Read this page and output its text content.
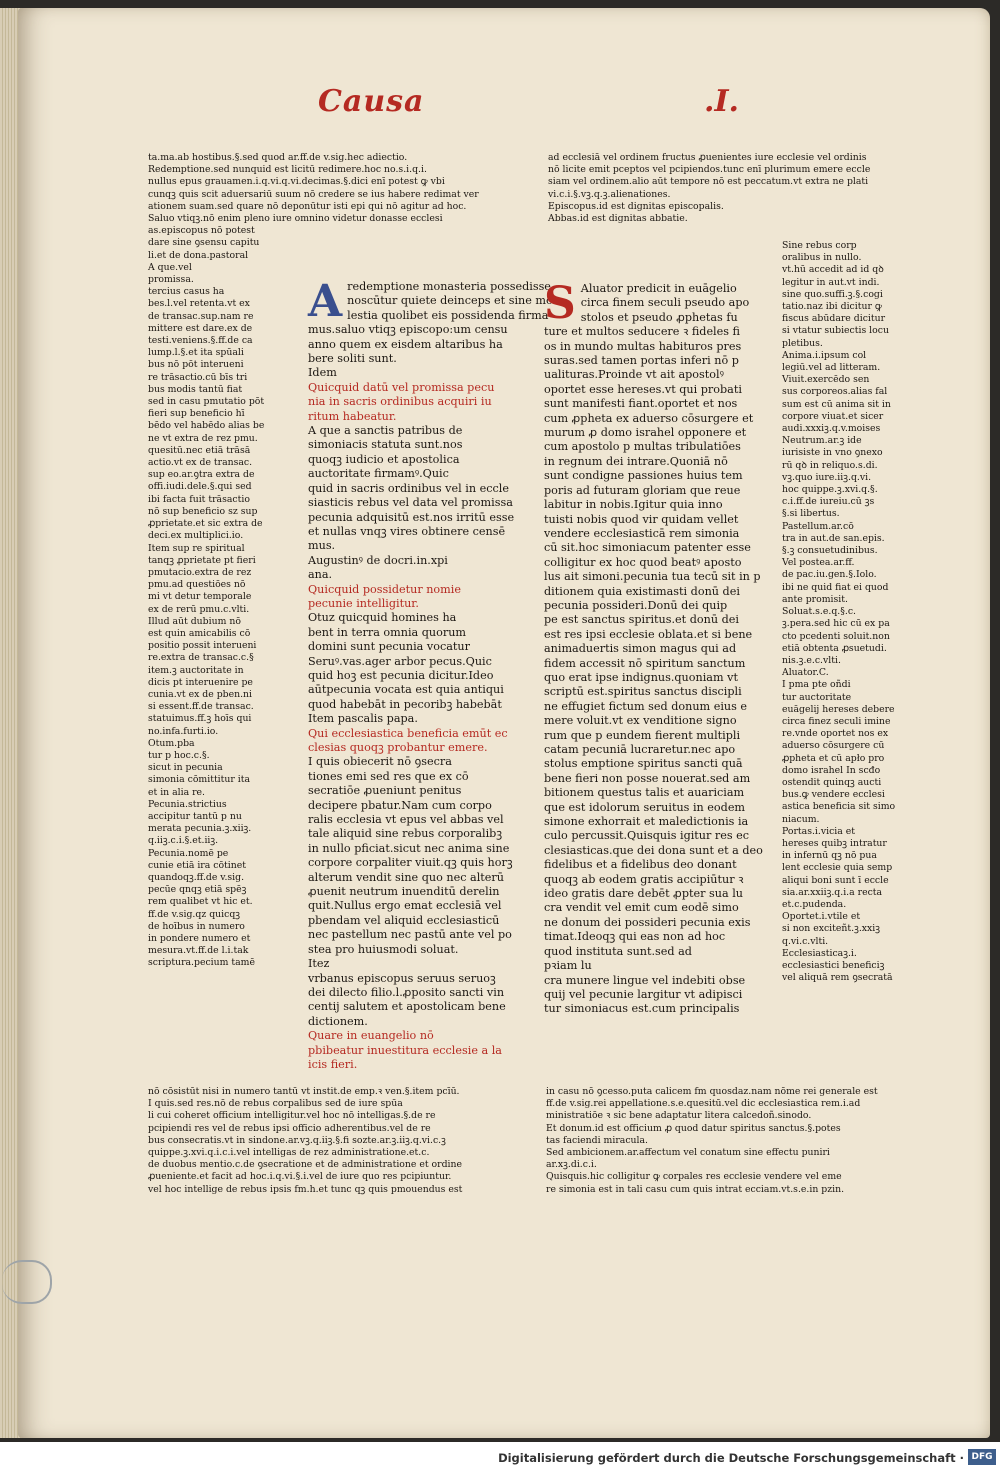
Causa	.I.
ta.ma.ab hostibus.§.sed quod ar.ff.de v.sig.hec adiectio.
Redemptione.sed nunquid est licitū redimere.hoc no.s.i.q.i.
nullus epus grauamen.i.q.vi.q.vi.decimas.§.dici enī potest ꝙ vbi
cunqꝫ quis scit aduersariū suum nō credere se ius habere redimat ver
ationem suam.sed quare nō deponūtur isti epi qui nō agitur ad hoc.
Saluo vtiqꝫ.nō enim pleno iure omnino videtur donasse ecclesi
as.episcopus nō potest
dare sine ꝯsensu capitu
li.et de dona.pastoral
A que.vel
promissa.
tercius casus ha
bes.l.vel retenta.vt ex
de transac.sup.nam re
mittere est dare.ex de
testi.veniens.§.ff.de ca
lump.l.§.et ita spūali
bus nō pōt interueni
re trāsactio.cū bīs tri
bus modis tantū fiat
sed in casu pmutatio pōt
fieri sup beneficio hī
bēdo vel habēdo alias be
ne vt extra de rez pmu.
quesitū.nec etiā trāsā
actio.vt ex de transac.
sup eo.ar.ꝯtra extra de
offi.iudi.dele.§.qui sed
ibi facta fuit trāsactio
nō sup beneficio sz sup
ꝓprietate.et sic extra de
deci.ex multiplici.io.
Item sup re spiritual
tanqꝫ ꝓprietate pt fieri
pmutacio.extra de rez
pmu.ad questiōes nō
mi vt detur temporale
ex de rerū pmu.c.vlti.
Illud aūt dubium nō
est quin amicabilis cō
positio possit interueni
re.extra de transac.c.§
item.ꝫ auctoritate in
dicis pt interuenire pe
cunia.vt ex de pben.ni
si essent.ff.de transac.
statuimus.ff.ꝫ hoīs qui
no.infa.furti.io.
Otum.pba
tur p hoc.c.§.
sicut in pecunia
simonia cōmittitur ita
et in alia re.
Pecunia.strictius
accipitur tantū p nu
merata pecunia.ꝫ.xiiꝫ.
q.iiꝫ.c.i.§.et.iiꝫ.
Pecunia.nomē pe
cunie etiā ira cōtinet
quandoqꝫ.ff.de v.sig.
pecūe qnqꝫ etiā spēꝫ
rem qualibet vt hic et.
ff.de v.sig.qz quicqꝫ
de hoībus in numero
in pondere numero et
mesura.vt.ff.de l.i.tak
scriptura.pecium tamē
A redemptione monasteria possedisse
noscūtur quiete deinceps et sine mo
lestia quolibet eis possidenda firma
mus.saluo vtiqꝫ episcopo:um censu
anno quem ex eisdem altaribus ha
bere soliti sunt.
Idem
Quicquid datū vel promissa pecu
nia in sacris ordinibus acquiri iu
ritum habeatur.
A que a sanctis patribus de
simoniacis statuta sunt.nos
quoqꝫ iudicio et apostolica
auctoritate firmamꝰ.Quic
quid in sacris ordinibus vel in eccle
siasticis rebus vel data vel promissa
pecunia adquisitū est.nos irritū esse
et nullas vnqꝫ vires obtinere censē
mus.
Augustinꝰ de docri.in.xpi
ana.
Quicquid possidetur nomie
pecunie intelligitur.
Otuz quicquid homines ha
bent in terra omnia quorum
domini sunt pecunia vocatur
Seruꝰ.vas.ager arbor pecus.Quic
quid hoꝫ est pecunia dicitur.Ideo
aūtpecunia vocata est quia antiqui
quod habebāt in pecoribꝫ habebāt
Item pascalis papa.
Qui ecclesiastica beneficia emūt ec
clesias quoqꝫ probantur emere.
I quis obiecerit nō ꝯsecra
tiones emi sed res que ex cō
secratiōe ꝓueniunt penitus
decipere pbatur.Nam cum corpo
ralis ecclesia vt epus vel abbas vel
tale aliquid sine rebus corporalibꝫ
in nullo pficiat.sicut nec anima sine
corpore corpaliter viuit.qꝫ quis horꝫ
alterum vendit sine quo nec alterū
ꝓuenit neutrum inuenditū derelin
quit.Nullus ergo emat ecclesiā vel
pbendam vel aliquid ecclesiasticū
nec pastellum nec pastū ante vel po
stea pro huiusmodi soluat.
Itez
vrbanus episcopus seruus seruoꝫ
dei dilecto filio.l.ꝓposito sancti vin
centij salutem et apostolicam bene
dictionem.
Quare in euangelio nō
pbibeatur inuestitura ecclesie a la
icis fieri.
nō cōsistūt nisi in numero tantū vt instit.de emp.ꝛ ven.§.item pcīū.
I quis.sed res.nō de rebus corpalibus sed de iure spūa
li cui coheret officium intelligitur.vel hoc nō intelligas.§.de re
pcipiendi res vel de rebus ipsi officio adherentibus.vel de re
bus consecratis.vt in sindone.ar.vꝫ.q.iiꝫ.§.fi sozte.ar.ꝫ.iiꝫ.q.vi.c.ꝫ
quippe.ꝫ.xvi.q.i.c.i.vel intelligas de rez administratione.et.c.
de duobus mentio.c.de ꝯsecratione et de administratione et ordine
ꝓueniente.et facit ad hoc.i.q.vi.§.i.vel de iure quo res pcipiuntur.
vel hoc intellige de rebus ipsis fm.h.et tunc qꝫ quis pmouendus est
ad ecclesiā vel ordinem fructus ꝓuenientes iure ecclesie vel ordinis
nō licite emit pceptos vel pcipiendos.tunc enī plurimum emere eccle
siam vel ordinem.alio aūt tempore nō est peccatum.vt extra ne plati
vi.c.i.§.vꝫ.q.ꝫ.alienationes.
Episcopus.id est dignitas episcopalis.
Abbas.id est dignitas abbatie.
S Aluator predicit in euāgelio
circa finem seculi pseudo apo
stolos et pseudo ꝓphetas fu
ture et multos seducere ꝛ fideles fi
os in mundo multas habituros pres
suras.sed tamen portas inferi nō p
ualituras.Proinde vt ait apostolꝰ
oportet esse hereses.vt qui probati
sunt manifesti fiant.oportet et nos
cum ꝓpheta ex aduerso cōsurgere et
murum ꝓ domo israhel opponere et
cum apostolo p multas tribulatiōes
in regnum dei intrare.Quoniā nō
sunt condigne passiones huius tem
poris ad futuram gloriam que reue
labitur in nobis.Igitur quia inno
tuisti nobis quod vir quidam vellet
vendere ecclesiasticā rem simonia
cū sit.hoc simoniacum patenter esse
colligitur ex hoc quod beatꝰ aposto
lus ait simoni.pecunia tua tecū sit in p
ditionem quia existimasti donū dei
pecunia possideri.Donū dei quip
pe est sanctus spiritus.et donū dei
est res ipsi ecclesie oblata.et si bene
animaduertis simon magus qui ad
fidem accessit nō spiritum sanctum
quo erat ipse indignus.quoniam vt
scriptū est.spiritus sanctus discipli
ne effugiet fictum sed donum eius e
mere voluit.vt ex venditione signo
rum que p eundem fierent multipli
catam pecuniā lucraretur.nec apo
stolus emptione spiritus sancti quā
bene fieri non posse nouerat.sed am
bitionem questus talis et auariciam
que est idolorum seruitus in eodem
simone exhorrait et maledictionis ia
culo percussit.Quisquis igitur res ec
clesiasticas.que dei dona sunt et a deo
fidelibus et a fidelibus deo donant
quoqꝫ ab eodem gratis accipiūtur ꝛ
ideo gratis dare debēt ꝓpter sua lu
cra vendit vel emit cum eodē simo
ne donum dei possideri pecunia exis
timat.Ideoqꝫ qui eas non ad hoc
quod instituta sunt.sed ad
pꝛiam lu
cra munere lingue vel indebiti obse
quij vel pecunie largitur vt adipisci
tur simoniacus est.cum principalis
Sine rebus corp
oralibus in nullo.
vt.hū accedit ad id qꝺ
legitur in aut.vt indi.
sine quo.suffi.ꝫ.§.cogi
tatio.naz ibi dicitur ꝙ
fiscus abūdare dicitur
si vtatur subiectis locu
pletibus.
Anima.i.ipsum col
legiū.vel ad litteram.
Viuit.exercēdo sen
sus corporeos.alias fal
sum est cū anima sit in
corpore viuat.et sicer
audi.xxxiꝫ.q.v.moises
Neutrum.ar.ꝫ ide
iurisiste in vno ꝯnexo
rū qꝺ in reliquo.s.di.
vꝫ.quo iure.iiꝫ.q.vi.
hoc quippe.ꝫ.xvi.q.§.
c.i.ff.de iureiu.cū ꝫs
§.si libertus.
Pastellum.ar.cō
tra in aut.de san.epis.
§.ꝫ consuetudinibus.
Vel postea.ar.ff.
de pac.iu.gen.§.Iolo.
ibi ne quid fiat ei quod
ante promisit.
Soluat.s.e.q.§.c.
ꝫ.pera.sed hic cū ex pa
cto pcedenti soluit.non
etiā obtenta ꝓsuetudi.
nis.ꝫ.e.c.vlti.
Aluator.C.
I pma pte oñdi
tur auctoritate
euāgelij hereses debere
circa finez seculi imine
re.vnde oportet nos ex
aduerso cōsurgere cū
ꝓpheta et cū apło pro
domo israhel In scđo
ostendit quinqꝫ aucti
bus.ꝙ vendere ecclesi
astica beneficia sit simo
niacum.
Portas.i.vicia et
hereses quibꝫ intratur
in infernū qꝫ nō pua
lent ecclesie quia semp
aliqui boni sunt ī eccle
sia.ar.xxiiꝫ.q.i.a recta
et.c.pudenda.
Oportet.i.vtile et
si non exciteñt.ꝫ.xxiꝫ
q.vi.c.vlti.
Ecclesiasticaꝫ.i.
ecclesiastici beneficiꝫ
vel aliquā rem ꝯsecratā
in casu nō ꝯcesso.puta calicem fm quosdaz.nam nōme rei generale est
ff.de v.sig.rei appellatione.s.e.quesitū.vel dic ecclesiastica rem.i.ad
ministratiōe ꝛ sic bene adaptatur litera calcedoñ.sinodo.
Et donum.id est officium ꝓ quod datur spiritus sanctus.§.potes
tas faciendi miracula.
Sed ambicionem.ar.affectum vel conatum sine effectu puniri
ar.xꝫ.di.c.i.
Quisquis.hic colligitur ꝙ corpales res ecclesie vendere vel eme
re simonia est in tali casu cum quis intrat ecciam.vt.s.e.in pzin.
Digitalisierung gefördert durch die Deutsche Forschungsgemeinschaft · DFG
